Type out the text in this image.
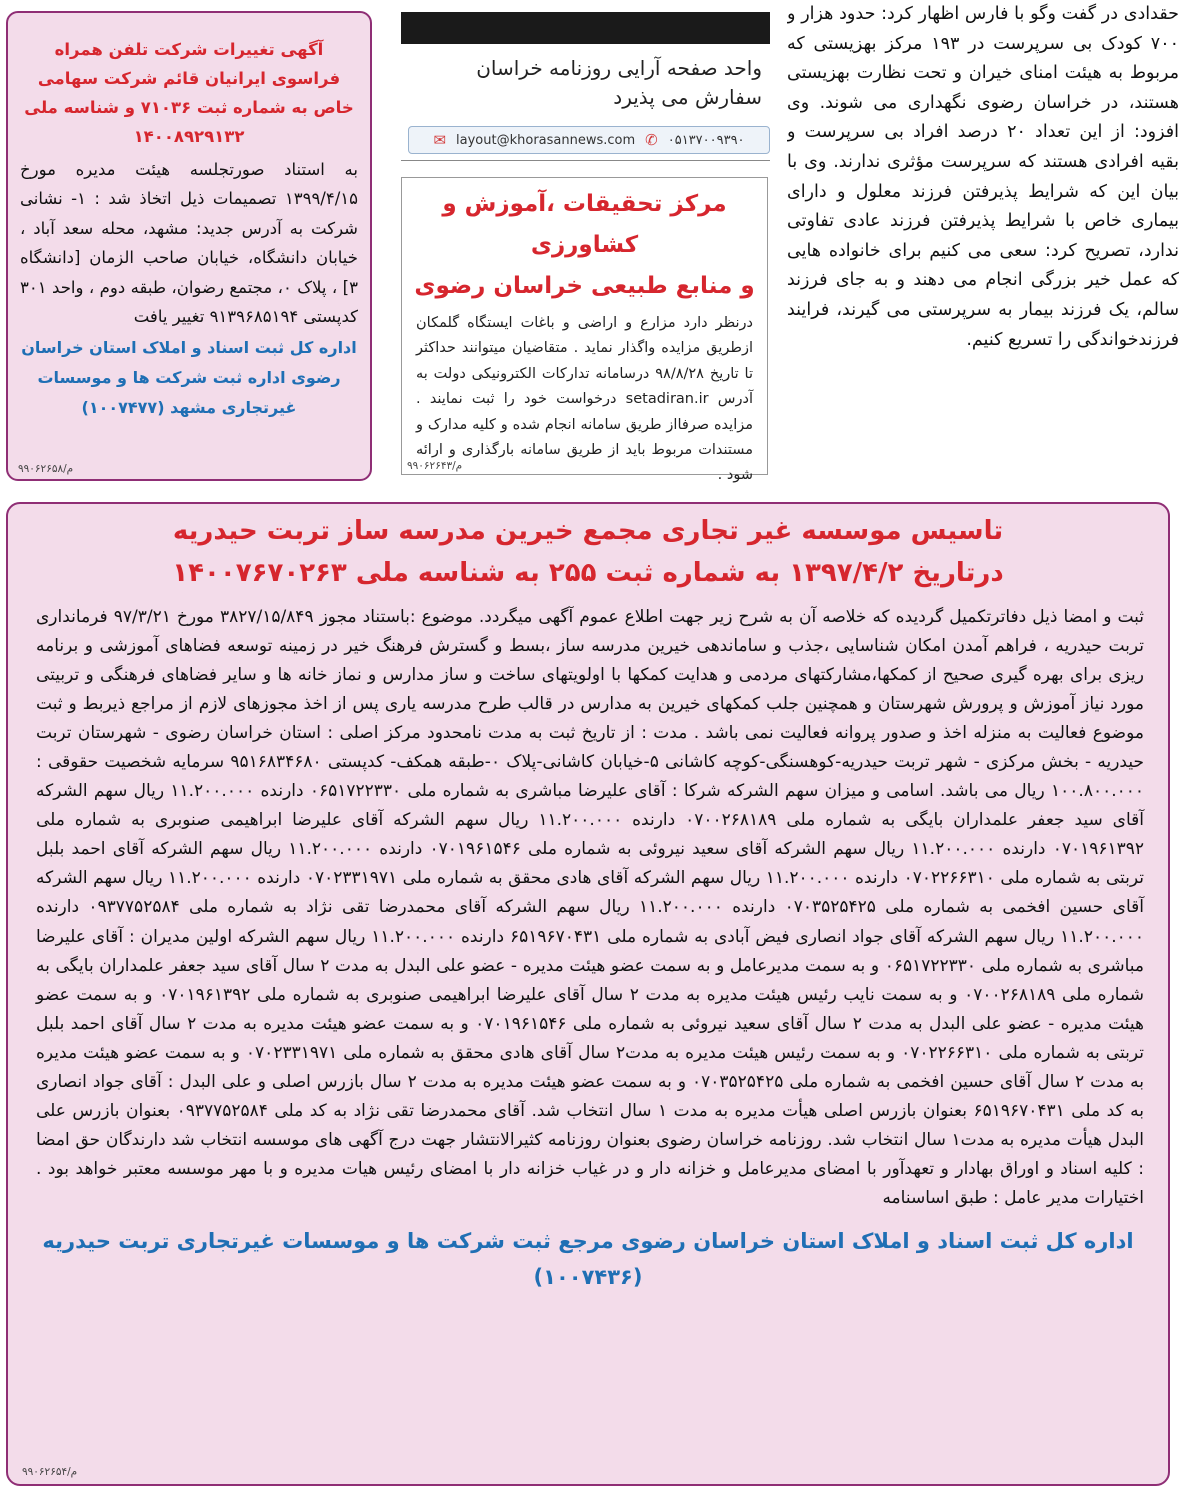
حقدادی در گفت وگو با فارس اظهار کرد: حدود هزار و ۷۰۰ کودک بی سرپرست در ۱۹۳ مرکز بهزیستی که مربوط به هیئت امنای خیران و تحت نظارت بهزیستی هستند، در خراسان رضوی نگهداری می شوند. وی افزود: از این تعداد ۲۰ درصد افراد بی سرپرست و بقیه افرادی هستند که سرپرست مؤثری ندارند. وی با بیان این که شرایط پذیرفتن فرزند معلول و دارای بیماری خاص با شرایط پذیرفتن فرزند عادی تفاوتی ندارد، تصریح کرد: سعی می کنیم برای خانواده هایی که عمل خیر بزرگی انجام می دهند و به جای فرزند سالم، یک فرزند بیمار به سرپرستی می گیرند، فرایند فرزندخواندگی را تسریع کنیم.

واحد صفحه آرایی روزنامه خراسان
سفارش می پذیرد
✉ layout@khorasannews.com ✆ ۰۵۱۳۷۰۰۹۳۹۰
مرکز تحقیقات ،آموزش و کشاورزی
و منابع طبیعی خراسان رضوی
درنظر دارد مزارع و اراضی و باغات ایستگاه گلمکان ازطریق مزایده واگذار نماید . متقاضیان میتوانند حداکثر تا تاریخ ۹۸/۸/۲۸ درسامانه تدارکات الکترونیکی دولت به آدرس setadiran.ir درخواست خود را ثبت نمایند . مزایده صرفااز طریق سامانه انجام شده و کلیه مدارک و مستندات مربوط باید از طریق سامانه بارگذاری و ارائه شود .
م/۹۹۰۶۲۶۴۳
آگهی تغییرات شرکت تلفن همراه فراسوی ایرانیان قائم شرکت سهامی خاص به شماره ثبت ۷۱۰۳۶ و شناسه ملی ۱۴۰۰۸۹۲۹۱۳۲
به استناد صورتجلسه هیئت مدیره مورخ ۱۳۹۹/۴/۱۵ تصمیمات ذیل اتخاذ شد : ۱- نشانی شرکت به آدرس جدید: مشهد، محله سعد آباد ، خیابان دانشگاه، خیابان صاحب الزمان [دانشگاه ۳] ، پلاک ۰، مجتمع رضوان، طبقه دوم ، واحد ۳۰۱ کدپستی ۹۱۳۹۶۸۵۱۹۴ تغییر یافت
اداره کل ثبت اسناد و املاک استان خراسان رضوی اداره ثبت شرکت ها و موسسات غیرتجاری مشهد (۱۰۰۷۴۷۷)
م/۹۹۰۶۲۶۵۸
تاسیس موسسه غیر تجاری مجمع خیرین مدرسه ساز تربت حیدریه
درتاریخ ۱۳۹۷/۴/۲ به شماره ثبت ۲۵۵ به شناسه ملی ۱۴۰۰۷۶۷۰۲۶۳
ثبت و امضا ذیل دفاترتکمیل گردیده که خلاصه آن به شرح زیر جهت اطلاع عموم آگهی میگردد. موضوع :باستناد مجوز ۳۸۲۷/۱۵/۸۴۹ مورخ ۹۷/۳/۲۱ فرمانداری تربت حیدریه ، فراهم آمدن امکان شناسایی ،جذب و ساماندهی خیرین مدرسه ساز ،بسط و گسترش فرهنگ خیر در زمینه توسعه فضاهای آموزشی و برنامه ریزی برای بهره گیری صحیح از کمکها،مشارکتهای مردمی و هدایت کمکها با اولویتهای ساخت و ساز مدارس و نماز خانه ها و سایر فضاهای فرهنگی و تربیتی مورد نیاز آموزش و پرورش شهرستان و همچنین جلب کمکهای خیرین به مدارس در قالب طرح مدرسه یاری پس از اخذ مجوزهای لازم از مراجع ذیربط و ثبت موضوع فعالیت به منزله اخذ و صدور پروانه فعالیت نمی باشد . مدت : از تاریخ ثبت به مدت نامحدود مرکز اصلی : استان خراسان رضوی - شهرستان تربت حیدریه - بخش مرکزی - شهر تربت حیدریه-کوهسنگی-کوچه کاشانی ۵-خیابان کاشانی-پلاک ۰-طبقه همکف- کدپستی ۹۵۱۶۸۳۴۶۸۰ سرمایه شخصیت حقوقی : ۱۰۰.۸۰۰.۰۰۰ ریال می باشد. اسامی و میزان سهم الشرکه شرکا : آقای علیرضا مباشری به شماره ملی ۰۶۵۱۷۲۲۳۳۰ دارنده ۱۱.۲۰۰.۰۰۰ ریال سهم الشرکه آقای سید جعفر علمداران بایگی به شماره ملی ۰۷۰۰۲۶۸۱۸۹ دارنده ۱۱.۲۰۰.۰۰۰ ریال سهم الشرکه آقای علیرضا ابراهیمی صنوبری به شماره ملی ۰۷۰۱۹۶۱۳۹۲ دارنده ۱۱.۲۰۰.۰۰۰ ریال سهم الشرکه آقای سعید نیروئی به شماره ملی ۰۷۰۱۹۶۱۵۴۶ دارنده ۱۱.۲۰۰.۰۰۰ ریال سهم الشرکه آقای احمد بلبل تربتی به شماره ملی ۰۷۰۲۲۶۶۳۱۰ دارنده ۱۱.۲۰۰.۰۰۰ ریال سهم الشرکه آقای هادی محقق به شماره ملی ۰۷۰۲۳۳۱۹۷۱ دارنده ۱۱.۲۰۰.۰۰۰ ریال سهم الشرکه آقای حسین افخمی به شماره ملی ۰۷۰۳۵۲۵۴۲۵ دارنده ۱۱.۲۰۰.۰۰۰ ریال سهم الشرکه آقای محمدرضا تقی نژاد به شماره ملی ۰۹۳۷۷۵۲۵۸۴ دارنده ۱۱.۲۰۰.۰۰۰ ریال سهم الشرکه آقای جواد انصاری فیض آبادی به شماره ملی ۶۵۱۹۶۷۰۴۳۱ دارنده ۱۱.۲۰۰.۰۰۰ ریال سهم الشرکه اولین مدیران : آقای علیرضا مباشری به شماره ملی ۰۶۵۱۷۲۲۳۳۰ و به سمت مدیرعامل و به سمت عضو هیئت مدیره - عضو علی البدل به مدت ۲ سال آقای سید جعفر علمداران بایگی به شماره ملی ۰۷۰۰۲۶۸۱۸۹ و به سمت نایب رئیس هیئت مدیره به مدت ۲ سال آقای علیرضا ابراهیمی صنوبری به شماره ملی ۰۷۰۱۹۶۱۳۹۲ و به سمت عضو هیئت مدیره - عضو علی البدل به مدت ۲ سال آقای سعید نیروئی به شماره ملی ۰۷۰۱۹۶۱۵۴۶ و به سمت عضو هیئت مدیره به مدت ۲ سال آقای احمد بلبل تربتی به شماره ملی ۰۷۰۲۲۶۶۳۱۰ و به سمت رئیس هیئت مدیره به مدت۲ سال آقای هادی محقق به شماره ملی ۰۷۰۲۳۳۱۹۷۱ و به سمت عضو هیئت مدیره به مدت ۲ سال آقای حسین افخمی به شماره ملی ۰۷۰۳۵۲۵۴۲۵ و به سمت عضو هیئت مدیره به مدت ۲ سال بازرس اصلی و علی البدل : آقای جواد انصاری به کد ملی ۶۵۱۹۶۷۰۴۳۱ بعنوان بازرس اصلی هیأت مدیره به مدت ۱ سال انتخاب شد. آقای محمدرضا تقی نژاد به کد ملی ۰۹۳۷۷۵۲۵۸۴ بعنوان بازرس علی البدل هیأت مدیره به مدت۱ سال انتخاب شد. روزنامه خراسان رضوی بعنوان روزنامه کثیرالانتشار جهت درج آگهی های موسسه انتخاب شد دارندگان حق امضا : کلیه اسناد و اوراق بهادار و تعهدآور با امضای مدیرعامل و خزانه دار و در غیاب خزانه دار با امضای رئیس هیات مدیره و با مهر موسسه معتبر خواهد بود . اختیارات مدیر عامل : طبق اساسنامه
اداره کل ثبت اسناد و املاک استان خراسان رضوی مرجع ثبت شرکت ها و موسسات غیرتجاری تربت حیدریه (۱۰۰۷۴۳۶)
م/۹۹۰۶۲۶۵۴
